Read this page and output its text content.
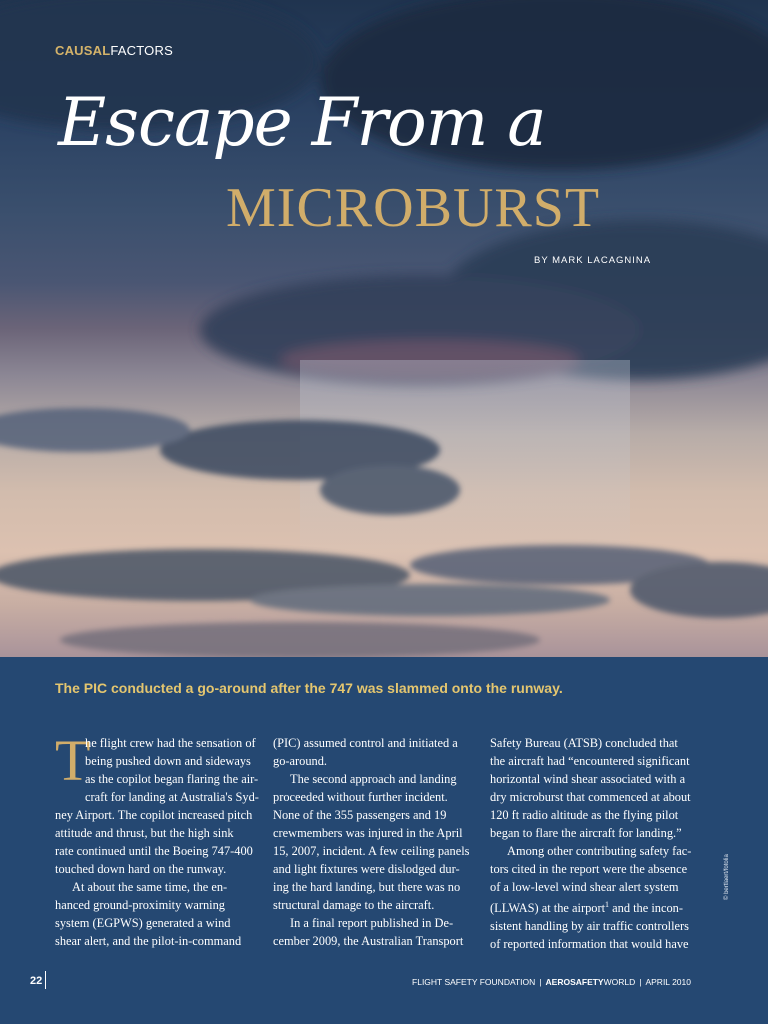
CAUSALFACTORS
Escape From a
MICROBURST
BY MARK LACAGNINA
The PIC conducted a go-around after the 747 was slammed onto the runway.
T

he flight crew had the sensation of
being pushed down and sideways
as the copilot began flaring the air-

craft for landing at Australia's Syd-
ney Airport. The copilot increased pitch
attitude and thrust, but the high sink
rate continued until the Boeing 747-400
touched down hard on the runway.

At about the same time, the en-

hanced ground-proximity warning
system (EGPWS) generated a wind
shear alert, and the pilot-in-command

(PIC) assumed control and initiated a
go-around.

The second approach and landing

proceeded without further incident.
None of the 355 passengers and 19
crewmembers was injured in the April
15, 2007, incident. A few ceiling panels
and light fixtures were dislodged dur-
ing the hard landing, but there was no
structural damage to the aircraft.

In a final report published in De-

cember 2009, the Australian Transport

Safety Bureau (ATSB) concluded that
the aircraft had “encountered significant
horizontal wind shear associated with a
dry microburst that commenced at about
120 ft radio altitude as the flying pilot
began to flare the aircraft for landing.”

Among other contributing safety fac-

tors cited in the report were the absence
of a low-level wind shear alert system
(LLWAS) at the airport$^1$ and the incon-
sistent handling by air traffic controllers
of reported information that would have

© bertlaert/fotolia
22	FLIGHT SAFETY FOUNDATION | AEROSAFETYWORLD | APRIL 2010
